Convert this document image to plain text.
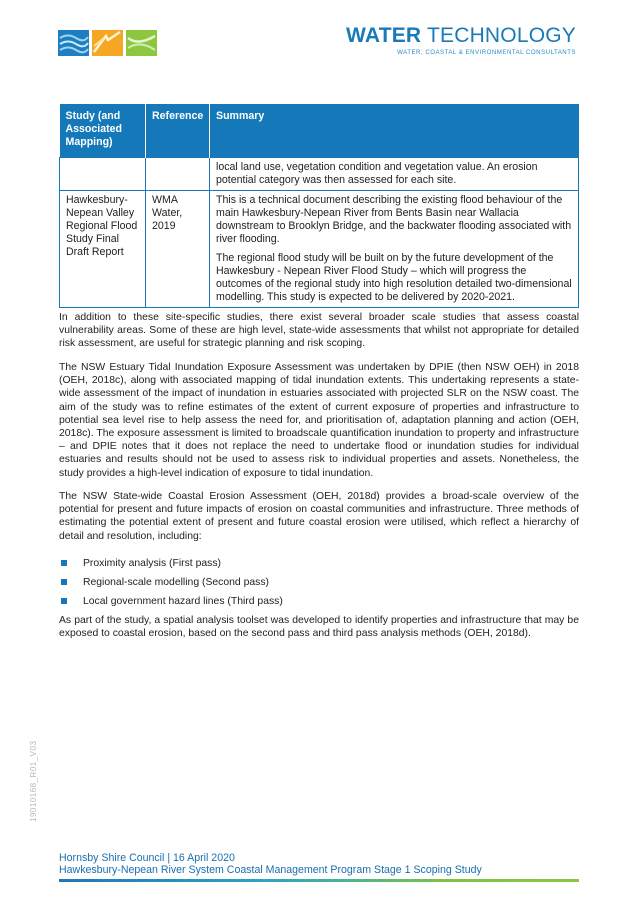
WATER TECHNOLOGY
WATER, COASTAL & ENVIRONMENTAL CONSULTANTS
Study (and Associated Mapping)	Reference	Summary

		local land use, vegetation condition and vegetation value. An erosion potential category was then assessed for each site.

Hawkesbury-Nepean Valley Regional Flood Study Final Draft Report	WMA Water, 2019	This is a technical document describing the existing flood behaviour of the main Hawkesbury-Nepean River from Bents Basin near Wallacia downstream to Brooklyn Bridge, and the backwater flooding associated with river flooding.

The regional flood study will be built on by the future development of the Hawkesbury - Nepean River Flood Study – which will progress the outcomes of the regional study into high resolution detailed two-dimensional modelling. This study is expected to be delivered by 2020-2021.

In addition to these site-specific studies, there exist several broader scale studies that assess coastal vulnerability areas. Some of these are high level, state-wide assessments that whilst not appropriate for detailed risk assessment, are useful for strategic planning and risk scoping.

The NSW Estuary Tidal Inundation Exposure Assessment was undertaken by DPIE (then NSW OEH) in 2018 (OEH, 2018c), along with associated mapping of tidal inundation extents. This undertaking represents a state-wide assessment of the impact of inundation in estuaries associated with projected SLR on the NSW coast. The aim of the study was to refine estimates of the extent of current exposure of properties and infrastructure to potential sea level rise to help assess the need for, and prioritisation of, adaptation planning and action (OEH, 2018c). The exposure assessment is limited to broadscale quantification inundation to property and infrastructure – and DPIE notes that it does not replace the need to undertake flood or inundation studies for individual estuaries and results should not be used to assess risk to individual properties and assets. Nonetheless, the study provides a high-level indication of exposure to tidal inundation.

The NSW State-wide Coastal Erosion Assessment (OEH, 2018d) provides a broad-scale overview of the potential for present and future impacts of erosion on coastal communities and infrastructure. Three methods of estimating the potential extent of present and future coastal erosion were utilised, which reflect a hierarchy of detail and resolution, including:

Proximity analysis (First pass)
Regional-scale modelling (Second pass)
Local government hazard lines (Third pass)

As part of the study, a spatial analysis toolset was developed to identify properties and infrastructure that may be exposed to coastal erosion, based on the second pass and third pass analysis methods (OEH, 2018d).

19010168_R01_V03
Hornsby Shire Council | 16 April 2020
Hawkesbury-Nepean River System Coastal Management Program Stage 1 Scoping Study
